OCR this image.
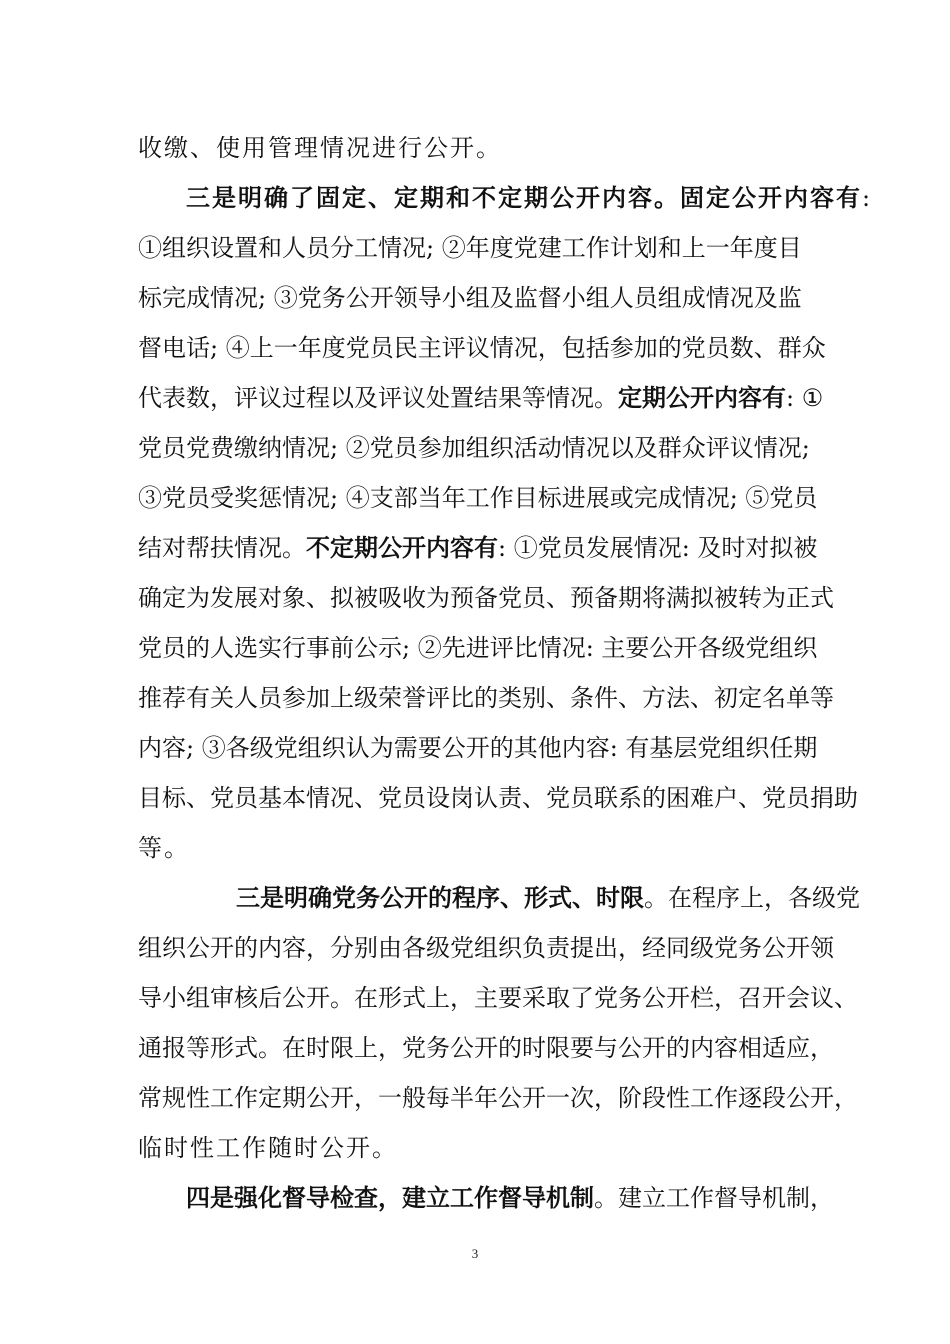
收缴、使用管理情况进行公开。
三是明确了固定、定期和不定期公开内容。固定公开内容有:
①组织设置和人员分工情况; ②年度党建工作计划和上一年度目
标完成情况; ③党务公开领导小组及监督小组人员组成情况及监
督电话; ④上一年度党员民主评议情况，包括参加的党员数、群众
代表数，评议过程以及评议处置结果等情况。定期公开内容有: ①
党员党费缴纳情况; ②党员参加组织活动情况以及群众评议情况;
③党员受奖惩情况; ④支部当年工作目标进展或完成情况; ⑤党员
结对帮扶情况。不定期公开内容有: ①党员发展情况: 及时对拟被
确定为发展对象、拟被吸收为预备党员、预备期将满拟被转为正式
党员的人选实行事前公示; ②先进评比情况: 主要公开各级党组织
推荐有关人员参加上级荣誉评比的类别、条件、方法、初定名单等
内容; ③各级党组织认为需要公开的其他内容: 有基层党组织任期
目标、党员基本情况、党员设岗认责、党员联系的困难户、党员捐助
等。
三是明确党务公开的程序、形式、时限。在程序上，各级党
组织公开的内容，分别由各级党组织负责提出，经同级党务公开领
导小组审核后公开。在形式上，主要采取了党务公开栏，召开会议、
通报等形式。在时限上，党务公开的时限要与公开的内容相适应，
常规性工作定期公开，一般每半年公开一次，阶段性工作逐段公开，
临时性工作随时公开。
四是强化督导检查，建立工作督导机制。建立工作督导机制，
3
